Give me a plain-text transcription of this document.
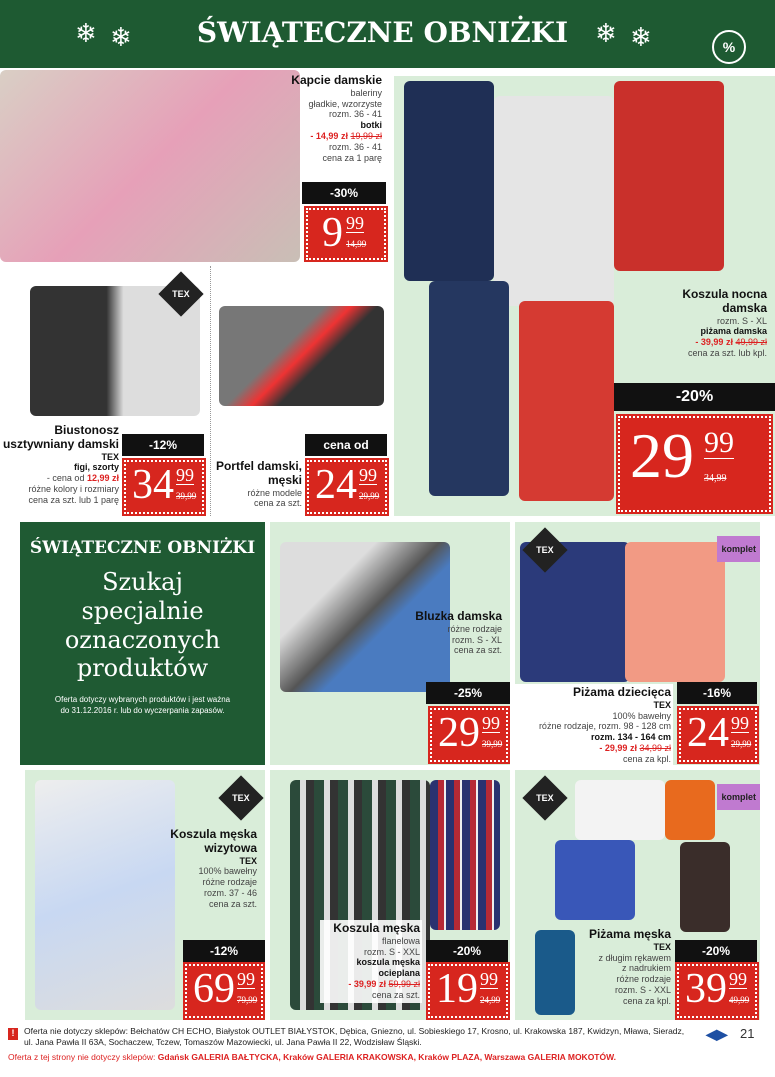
❄ ❄	ŚWIĄTECZNE OBNIŻKI	❄ ❄	%
Kapcie damskie
baleriny
gładkie, wzorzyste
rozm. 36 - 41
botki
- 14,99 zł 19,99 zł
rozm. 36 - 41
cena za 1 parę
-30%
9 99
14,99
TEX
Biustonosz usztywniany damski
TEX
figi, szorty
- cena od 12,99 zł
różne kolory i rozmiary
cena za szt. lub 1 parę
-12%
34 99
39,99
Portfel damski, męski
różne modele
cena za szt.
cena od
24 99
29,99
Koszula nocna damska
rozm. S - XL
piżama damska
- 39,99 zł 49,99 zł
cena za szt. lub kpl.
-20%
29 99
34,99
ŚWIĄTECZNE OBNIŻKI
Szukaj
specjalnie
oznaczonych
produktów
Oferta dotyczy wybranych produktów i jest ważna do 31.12.2016 r. lub do wyczerpania zapasów.
Bluzka damska
różne rodzaje
rozm. S - XL
cena za szt.
-25%
29 99
39,99
TEX	komplet
Piżama dziecięca
TEX
100% bawełny
różne rodzaje, rozm. 98 - 128 cm
rozm. 134 - 164 cm
- 29,99 zł 34,99 zł
cena za kpl.
-16%
24 99
29,99
TEX
Koszula męska wizytowa
TEX
100% bawełny
różne rodzaje
rozm. 37 - 46
cena za szt.
-12%
69 99
79,99
Koszula męska
flanelowa
rozm. S - XXL
koszula męska ocieplana
- 39,99 zł 59,99 zł
cena za szt.
-20%
19 99
24,99
TEX	komplet
Piżama męska
TEX
z długim rękawem
z nadrukiem
różne rodzaje
rozm. S - XXL
cena za kpl.
-20%
39 99
49,99
!	Oferta nie dotyczy sklepów: Bełchatów CH ECHO, Białystok OUTLET BIAŁYSTOK, Dębica, Gniezno, ul. Sobieskiego 17, Krosno, ul. Krakowska 187, Kwidzyn, Mława, Sieradz, ul. Jana Pawła II 63A, Sochaczew, Tczew, Tomaszów Mazowiecki, ul. Jana Pawła II 22, Wodzisław Śląski.
Oferta z tej strony nie dotyczy sklepów: Gdańsk GALERIA BAŁTYCKA, Kraków GALERIA KRAKOWSKA, Kraków PLAZA, Warszawa GALERIA MOKOTÓW.
◀▶ 21
